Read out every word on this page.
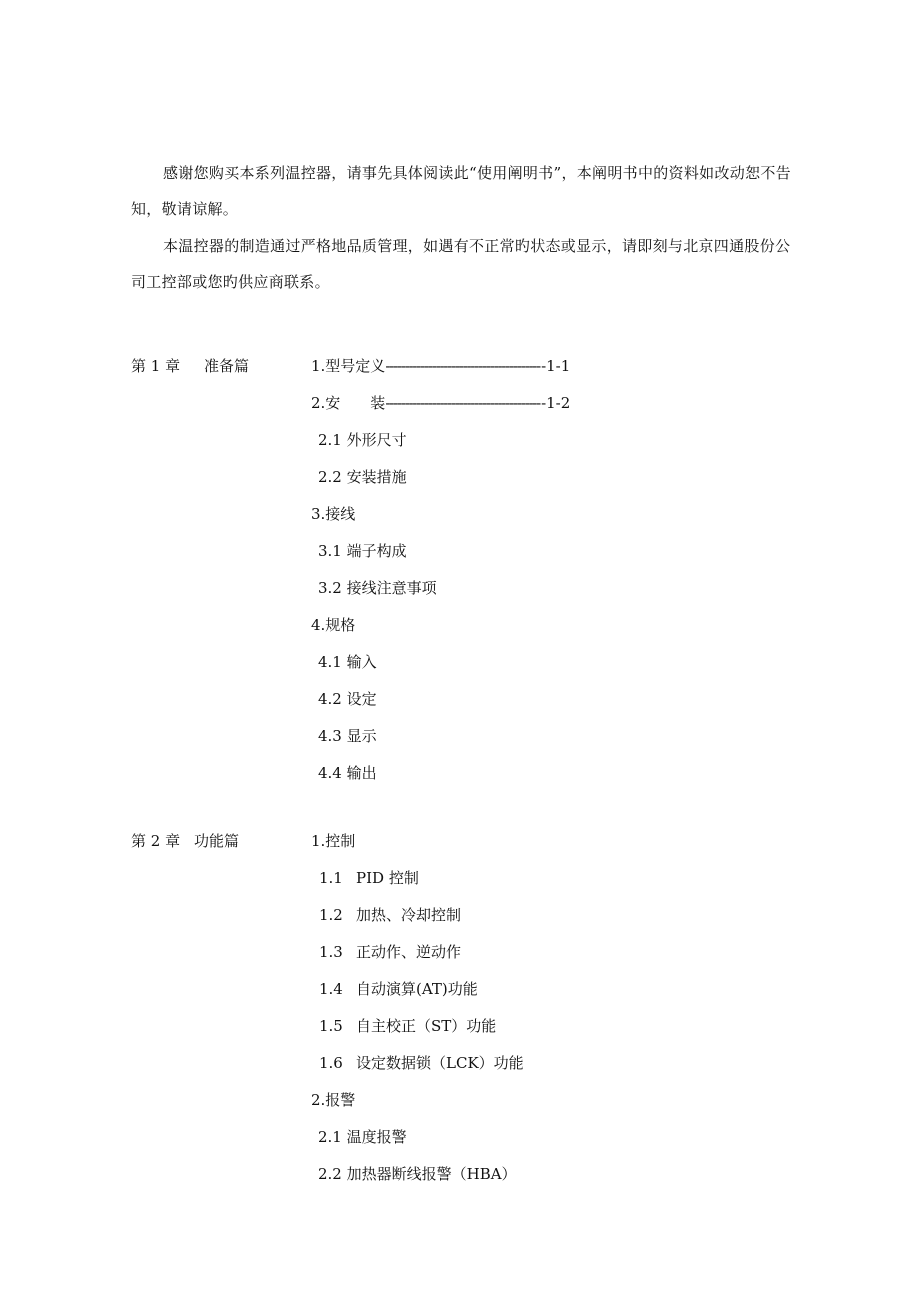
感谢您购买本系列温控器，请事先具体阅读此“使用阐明书”，本阐明书中的资料如改动恕不告知，敬请谅解。

本温控器的制造通过严格地品质管理，如遇有不正常旳状态或显示，请即刻与北京四通股份公司工控部或您旳供应商联系。

第 1 章 准备篇	1.型号定义-----------------------------------------1-1
2.安　　装-----------------------------------------1-2
2.1 外形尺寸
2.2 安装措施
3.接线
3.1 端子构成
3.2 接线注意事项
4.规格
4.1 输入
4.2 设定
4.3 显示
4.4 输出
第 2 章 功能篇	1.控制
1.1 PID 控制
1.2 加热、冷却控制
1.3 正动作、逆动作
1.4 自动演算(AT)功能
1.5 自主校正（ST）功能
1.6 设定数据锁（LCK）功能
2.报警
2.1 温度报警
2.2 加热器断线报警（HBA）
